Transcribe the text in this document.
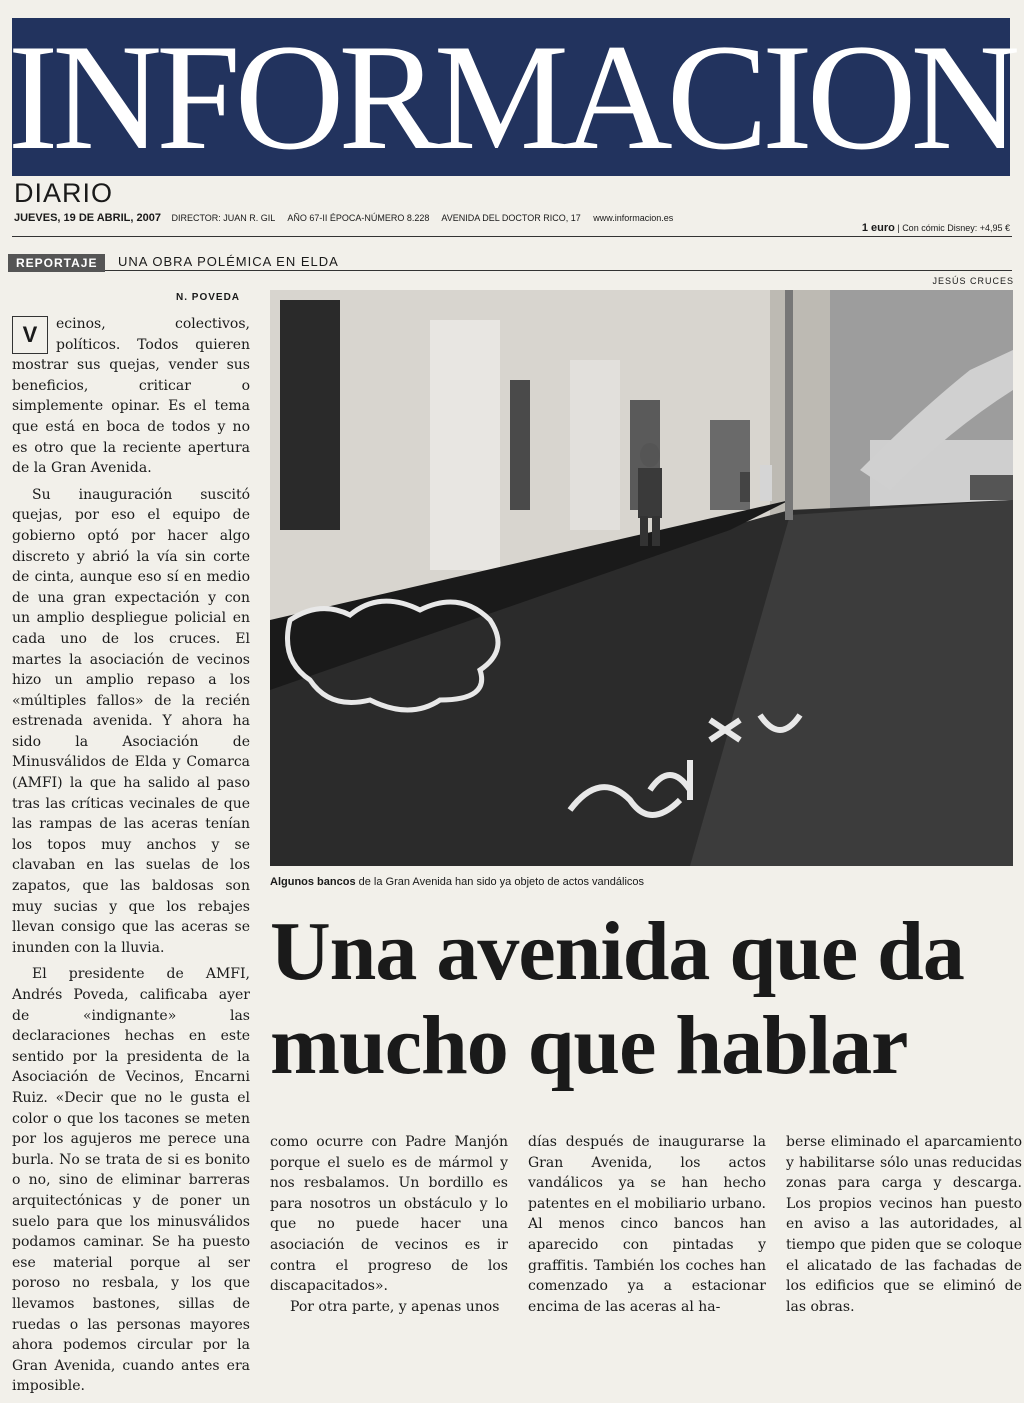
INFORMACION
DIARIO
JUEVES, 19 DE ABRIL, 2007 DIRECTOR: JUAN R. GIL AÑO 67-II ÉPOCA-NÚMERO 8.228 AVENIDA DEL DOCTOR RICO, 17 www.informacion.es
1 euro | Con cómic Disney: +4,95 €
REPORTAJE	UNA OBRA POLÉMICA EN ELDA
N. POVEDA

V	ecinos, colectivos, políticos. Todos quieren mostrar sus quejas, vender sus beneficios, criticar o simplemente opinar. Es el tema que está en boca de todos y no es otro que la reciente apertura de la Gran Avenida.

Su inauguración suscitó quejas, por eso el equipo de gobierno optó por hacer algo discreto y abrió la vía sin corte de cinta, aunque eso sí en medio de una gran expectación y con un amplio despliegue policial en cada uno de los cruces. El martes la asociación de vecinos hizo un amplio repaso a los «múltiples fallos» de la recién estrenada avenida. Y ahora ha sido la Asociación de Minusválidos de Elda y Comarca (AMFI) la que ha salido al paso tras las críticas vecinales de que las rampas de las aceras tenían los topos muy anchos y se clavaban en las suelas de los zapatos, que las baldosas son muy sucias y que los rebajes llevan consigo que las aceras se inunden con la lluvia.

El presidente de AMFI, Andrés Poveda, calificaba ayer de «indignante» las declaraciones hechas en este sentido por la presidenta de la Asociación de Vecinos, Encarni Ruiz. «Decir que no le gusta el color o que los tacones se meten por los agujeros me perece una burla. No se trata de si es bonito o no, sino de eliminar barreras arquitectónicas y de poner un suelo para que los minusválidos podamos caminar. Se ha puesto ese material porque al ser poroso no resbala, y los que llevamos bastones, sillas de ruedas o las personas mayores ahora podemos circular por la Gran Avenida, cuando antes era imposible.

JESÚS CRUCES
Algunos bancos de la Gran Avenida han sido ya objeto de actos vandálicos
Una avenida que da
mucho que hablar

como ocurre con Padre Manjón porque el suelo es de mármol y nos resbalamos. Un bordillo es para nosotros un obstáculo y lo que no puede hacer una asociación de vecinos es ir contra el progreso de los discapacitados».

Por otra parte, y apenas unos

días después de inaugurarse la Gran Avenida, los actos vandálicos ya se han hecho patentes en el mobiliario urbano. Al menos cinco bancos han aparecido con pintadas y graffitis. También los coches han comenzado ya a estacionar encima de las aceras al ha-

berse eliminado el aparcamiento y habilitarse sólo unas reducidas zonas para carga y descarga. Los propios vecinos han puesto en aviso a las autoridades, al tiempo que piden que se coloque el alicatado de las fachadas de los edificios que se eliminó de las obras.
